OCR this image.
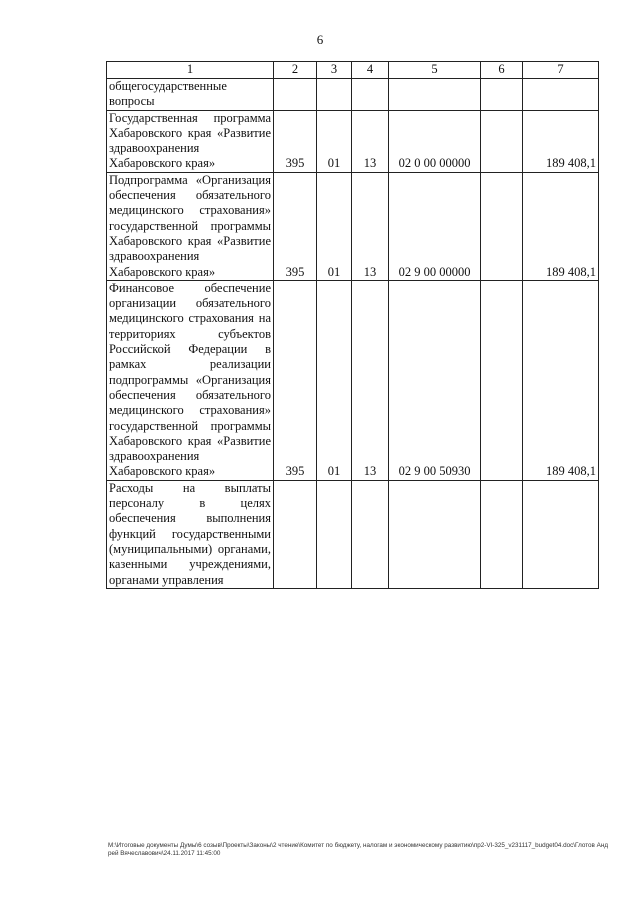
6
1	2	3	4	5	6	7
общегосударственные вопросы						
Государственная программа Хабаровского края «Развитие здравоохранения Хабаровского края»	395	01	13	02 0 00 00000		189 408,1
Подпрограмма «Организация обеспечения обязательного медицинского страхования» государственной программы Хабаровского края «Развитие здравоохранения Хабаровского края»	395	01	13	02 9 00 00000		189 408,1
Финансовое обеспечение организации обязательного медицинского страхования на территориях субъектов Российской Федерации в рамках реализации подпрограммы «Организация обеспечения обязательного медицинского страхования» государственной программы Хабаровского края «Развитие здравоохранения Хабаровского края»	395	01	13	02 9 00 50930		189 408,1
Расходы на выплаты персоналу в целях обеспечения выполнения функций государственными (муниципальными) органами, казенными учреждениями, органами управления						
M:\Итоговые документы Думы\6 созыв\Проекты\Законы\2 чтение\Комитет по бюджету, налогам и экономическому развитию\пр2-VI-325_v231117_budget04.doc\Глотов Андрей Вячеславович\24.11.2017 11:45:00
